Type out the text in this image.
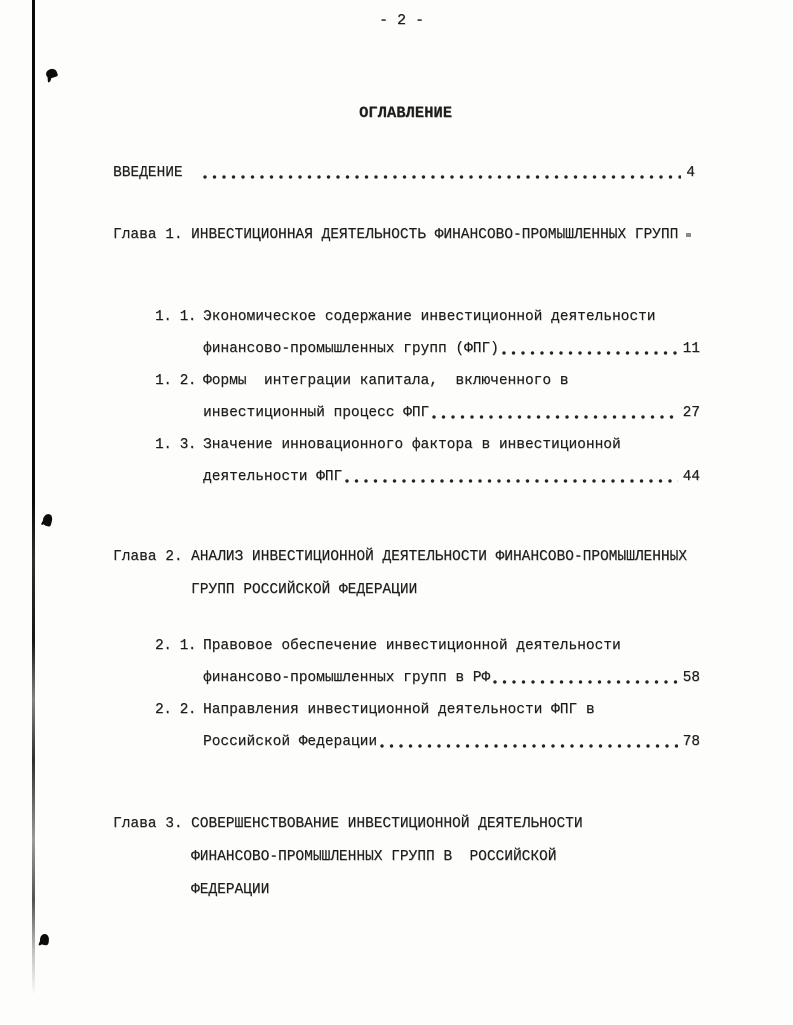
- 2 -
ОГЛАВЛЕНИЕ
ВВЕДЕНИЕ	4
Глава 1. ИНВЕСТИЦИОННАЯ ДЕЯТЕЛЬНОСТЬ ФИНАНСОВО-ПРОМЫШЛЕННЫХ ГРУПП
1. 1. Экономическое содержание инвестиционной деятельности
финансово-промышленных групп (ФПГ)	11
1. 2. Формы  интеграции капитала,  включенного в
инвестиционный процесс ФПГ	27
1. 3. Значение инновационного фактора в инвестиционной
деятельности ФПГ	44
Глава 2. АНАЛИЗ ИНВЕСТИЦИОННОЙ ДЕЯТЕЛЬНОСТИ ФИНАНСОВО-ПРОМЫШЛЕННЫХ
ГРУПП РОССИЙСКОЙ ФЕДЕРАЦИИ
2. 1. Правовое обеспечение инвестиционной деятельности
финансово-промышленных групп в РФ	58
2. 2. Направления инвестиционной деятельности ФПГ в
Российской Федерации	78
Глава 3. СОВЕРШЕНСТВОВАНИЕ ИНВЕСТИЦИОННОЙ ДЕЯТЕЛЬНОСТИ
ФИНАНСОВО-ПРОМЫШЛЕННЫХ ГРУПП В  РОССИЙСКОЙ
ФЕДЕРАЦИИ
